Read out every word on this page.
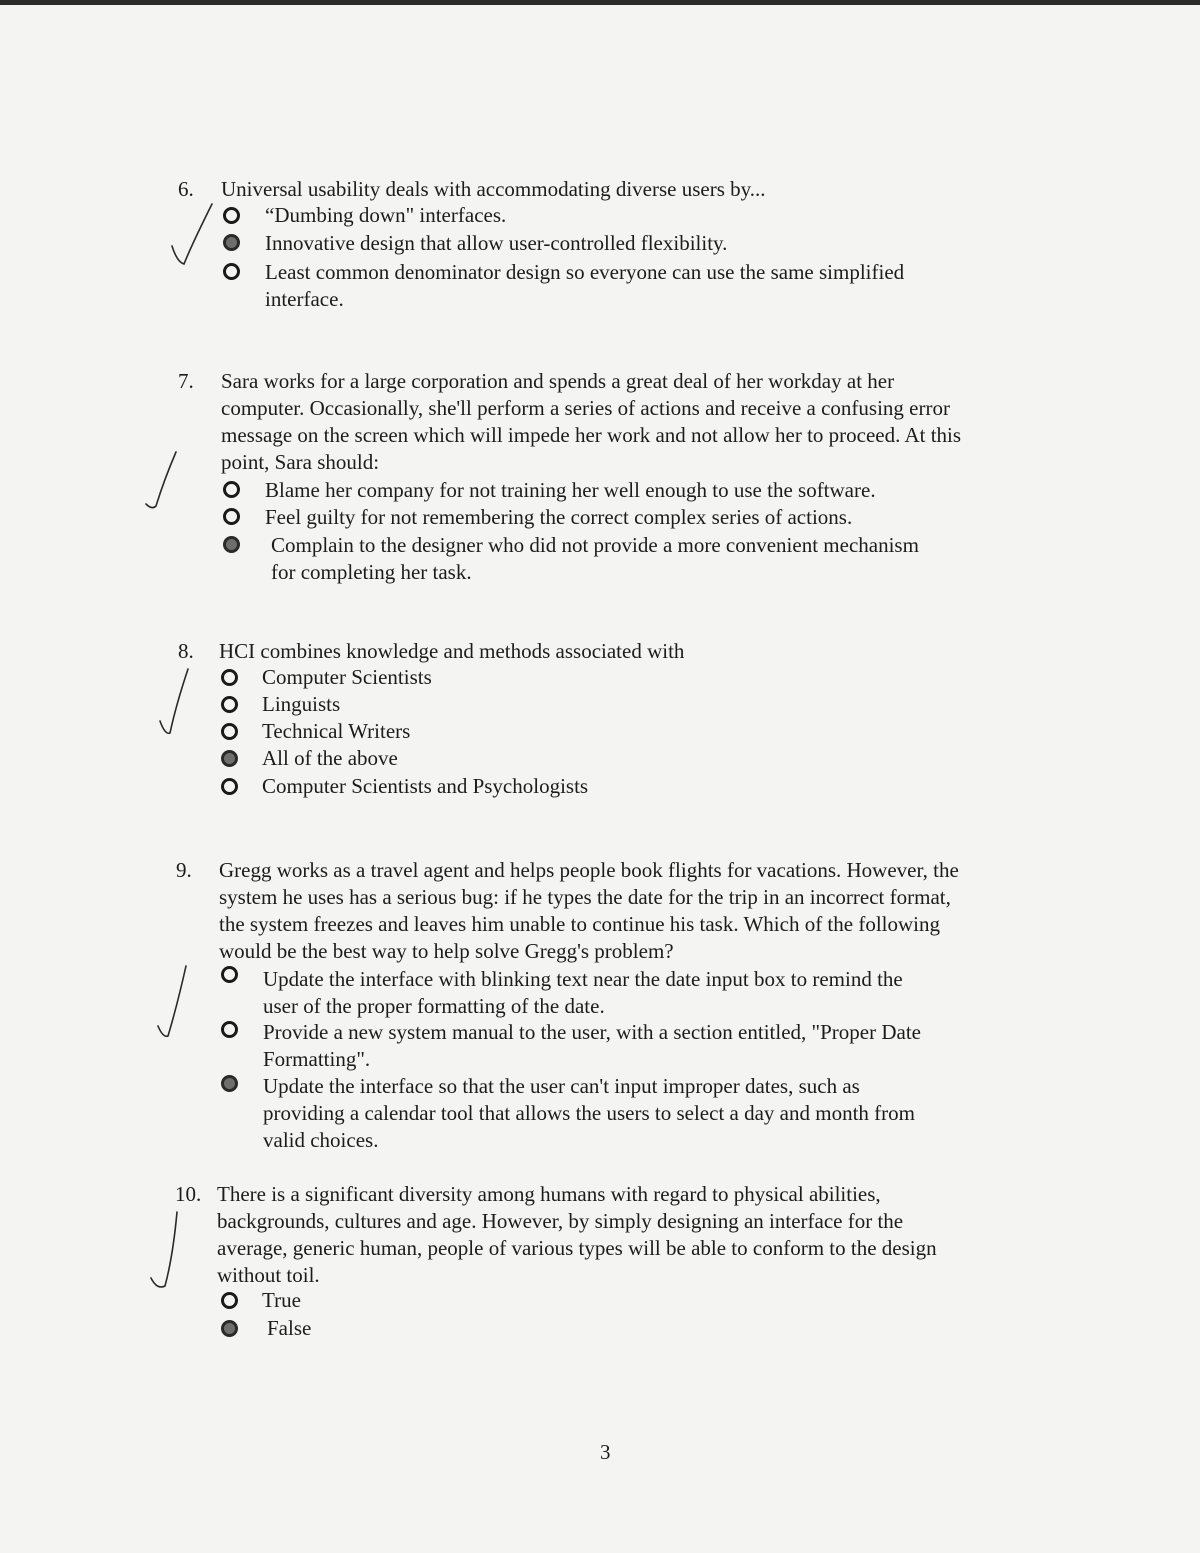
6. Universal usability deals with accommodating diverse users by...
“Dumbing down" interfaces.
Innovative design that allow user-controlled flexibility.
Least common denominator design so everyone can use the same simplified
interface.
7. Sara works for a large corporation and spends a great deal of her workday at her
computer. Occasionally, she'll perform a series of actions and receive a confusing error
message on the screen which will impede her work and not allow her to proceed. At this
point, Sara should:
Blame her company for not training her well enough to use the software.
Feel guilty for not remembering the correct complex series of actions.
Complain to the designer who did not provide a more convenient mechanism
for completing her task.
8. HCI combines knowledge and methods associated with
Computer Scientists
Linguists
Technical Writers
All of the above
Computer Scientists and Psychologists
9. Gregg works as a travel agent and helps people book flights for vacations. However, the
system he uses has a serious bug: if he types the date for the trip in an incorrect format,
the system freezes and leaves him unable to continue his task. Which of the following
would be the best way to help solve Gregg's problem?
Update the interface with blinking text near the date input box to remind the
user of the proper formatting of the date.
Provide a new system manual to the user, with a section entitled, "Proper Date
Formatting".
Update the interface so that the user can't input improper dates, such as
providing a calendar tool that allows the users to select a day and month from
valid choices.
10. There is a significant diversity among humans with regard to physical abilities,
backgrounds, cultures and age. However, by simply designing an interface for the
average, generic human, people of various types will be able to conform to the design
without toil.
True
False
3
